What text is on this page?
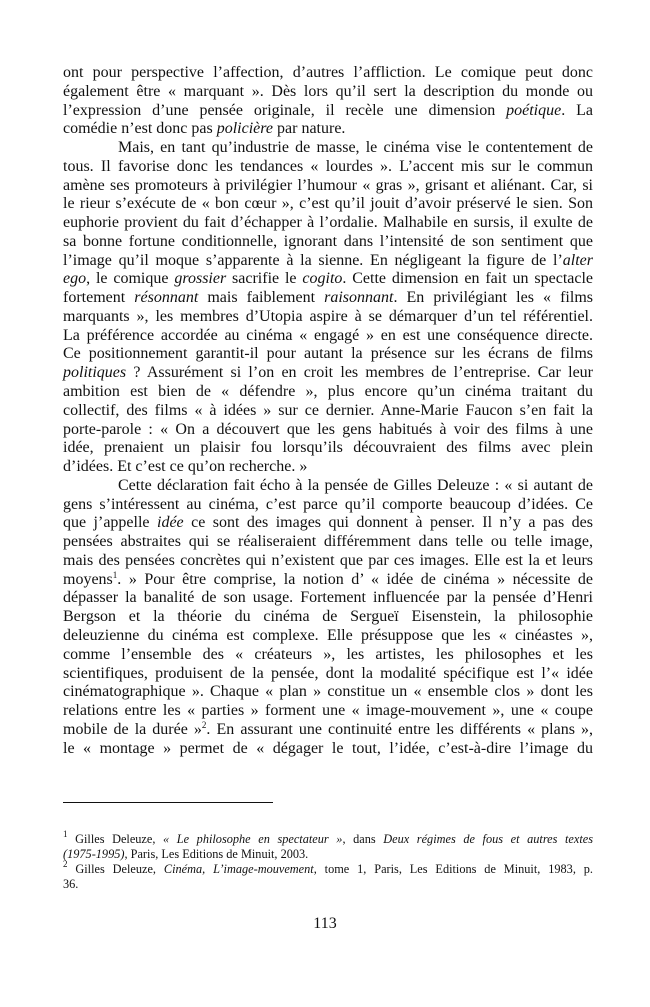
ont pour perspective l’affection, d’autres l’affliction. Le comique peut donc
également être « marquant ». Dès lors qu’il sert la description du monde ou
l’expression d’une pensée originale, il recèle une dimension poétique. La
comédie n’est donc pas policière par nature.
Mais, en tant qu’industrie de masse, le cinéma vise le contentement de
tous. Il favorise donc les tendances « lourdes ». L’accent mis sur le commun
amène ses promoteurs à privilégier l’humour « gras », grisant et aliénant. Car, si
le rieur s’exécute de « bon cœur », c’est qu’il jouit d’avoir préservé le sien. Son
euphorie provient du fait d’échapper à l’ordalie. Malhabile en sursis, il exulte de
sa bonne fortune conditionnelle, ignorant dans l’intensité de son sentiment que
l’image qu’il moque s’apparente à la sienne. En négligeant la figure de l’alter
ego, le comique grossier sacrifie le cogito. Cette dimension en fait un spectacle
fortement résonnant mais faiblement raisonnant. En privilégiant les « films
marquants », les membres d’Utopia aspire à se démarquer d’un tel référentiel.
La préférence accordée au cinéma « engagé » en est une conséquence directe.
Ce positionnement garantit-il pour autant la présence sur les écrans de films
politiques ? Assurément si l’on en croit les membres de l’entreprise. Car leur
ambition est bien de « défendre », plus encore qu’un cinéma traitant du
collectif, des films « à idées » sur ce dernier. Anne-Marie Faucon s’en fait la
porte-parole : « On a découvert que les gens habitués à voir des films à une
idée, prenaient un plaisir fou lorsqu’ils découvraient des films avec plein
d’idées. Et c’est ce qu’on recherche. »
Cette déclaration fait écho à la pensée de Gilles Deleuze : « si autant de
gens s’intéressent au cinéma, c’est parce qu’il comporte beaucoup d’idées. Ce
que j’appelle idée ce sont des images qui donnent à penser. Il n’y a pas des
pensées abstraites qui se réaliseraient différemment dans telle ou telle image,
mais des pensées concrètes qui n’existent que par ces images. Elle est la et leurs
moyens$^1$. » Pour être comprise, la notion d’ « idée de cinéma » nécessite de
dépasser la banalité de son usage. Fortement influencée par la pensée d’Henri
Bergson et la théorie du cinéma de Sergueï Eisenstein, la philosophie
deleuzienne du cinéma est complexe. Elle présuppose que les « cinéastes »,
comme l’ensemble des « créateurs », les artistes, les philosophes et les
scientifiques, produisent de la pensée, dont la modalité spécifique est l’« idée
cinématographique ». Chaque « plan » constitue un « ensemble clos » dont les
relations entre les « parties » forment une « image-mouvement », une « coupe
mobile de la durée »$^2$. En assurant une continuité entre les différents « plans »,
le « montage » permet de « dégager le tout, l’idée, c’est-à-dire l’image du
$^1$ Gilles Deleuze, « Le philosophe en spectateur », dans Deux régimes de fous et autres textes
(1975-1995), Paris, Les Editions de Minuit, 2003.
$^2$ Gilles Deleuze, Cinéma, L’image-mouvement, tome 1, Paris, Les Editions de Minuit, 1983, p.
36.
113
